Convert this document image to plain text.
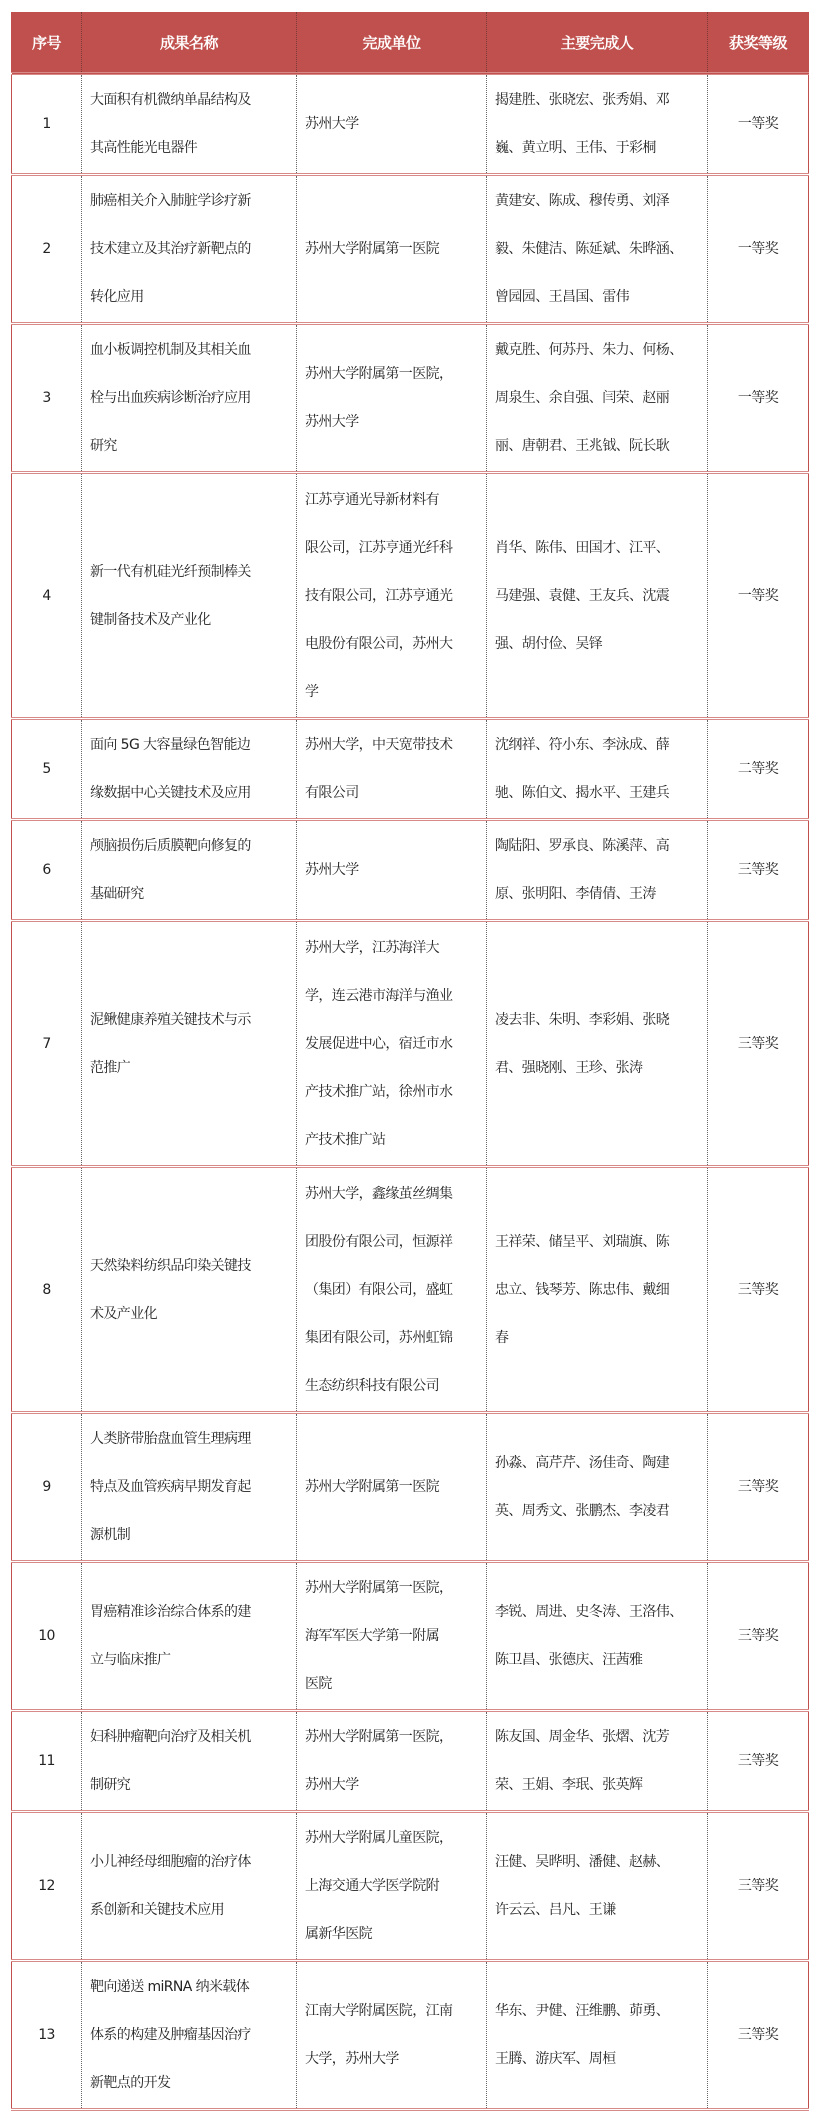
序号	成果名称	完成单位	主要完成人	获奖等级
1	大面积有机微纳单晶结构及
其高性能光电器件	苏州大学	揭建胜、张晓宏、张秀娟、邓
巍、黄立明、王伟、于彩桐	一等奖
2	肺癌相关介入肺脏学诊疗新
技术建立及其治疗新靶点的
转化应用	苏州大学附属第一医院	黄建安、陈成、穆传勇、刘泽
毅、朱健洁、陈延斌、朱晔涵、
曾园园、王昌国、雷伟	一等奖
3	血小板调控机制及其相关血
栓与出血疾病诊断治疗应用
研究	苏州大学附属第一医院，
苏州大学	戴克胜、何苏丹、朱力、何杨、
周泉生、余自强、闫荣、赵丽
丽、唐朝君、王兆钺、阮长耿	一等奖
4	新一代有机硅光纤预制棒关
键制备技术及产业化	江苏亨通光导新材料有
限公司，江苏亨通光纤科
技有限公司，江苏亨通光
电股份有限公司，苏州大
学	肖华、陈伟、田国才、江平、
马建强、袁健、王友兵、沈震
强、胡付俭、吴铎	一等奖
5	面向 5G 大容量绿色智能边
缘数据中心关键技术及应用	苏州大学，中天宽带技术
有限公司	沈纲祥、符小东、李泳成、薛
驰、陈伯文、揭水平、王建兵	二等奖
6	颅脑损伤后质膜靶向修复的
基础研究	苏州大学	陶陆阳、罗承良、陈溪萍、高
原、张明阳、李倩倩、王涛	三等奖
7	泥鳅健康养殖关键技术与示
范推广	苏州大学，江苏海洋大
学，连云港市海洋与渔业
发展促进中心，宿迁市水
产技术推广站，徐州市水
产技术推广站	凌去非、朱明、李彩娟、张晓
君、强晓刚、王珍、张涛	三等奖
8	天然染料纺织品印染关键技
术及产业化	苏州大学，鑫缘茧丝绸集
团股份有限公司，恒源祥
（集团）有限公司，盛虹
集团有限公司，苏州虹锦
生态纺织科技有限公司	王祥荣、储呈平、刘瑞旗、陈
忠立、钱琴芳、陈忠伟、戴细
春	三等奖
9	人类脐带胎盘血管生理病理
特点及血管疾病早期发育起
源机制	苏州大学附属第一医院	孙淼、高芹芹、汤佳奇、陶建
英、周秀文、张鹏杰、李凌君	三等奖
10	胃癌精准诊治综合体系的建
立与临床推广	苏州大学附属第一医院，
海军军医大学第一附属
医院	李锐、周进、史冬涛、王洛伟、
陈卫昌、张德庆、汪茜雅	三等奖
11	妇科肿瘤靶向治疗及相关机
制研究	苏州大学附属第一医院，
苏州大学	陈友国、周金华、张熠、沈芳
荣、王娟、李珉、张英辉	三等奖
12	小儿神经母细胞瘤的治疗体
系创新和关键技术应用	苏州大学附属儿童医院，
上海交通大学医学院附
属新华医院	汪健、吴晔明、潘健、赵赫、
许云云、吕凡、王谦	三等奖
13	靶向递送 miRNA 纳米载体
体系的构建及肿瘤基因治疗
新靶点的开发	江南大学附属医院，江南
大学，苏州大学	华东、尹健、汪维鹏、茆勇、
王腾、游庆军、周桓	三等奖
